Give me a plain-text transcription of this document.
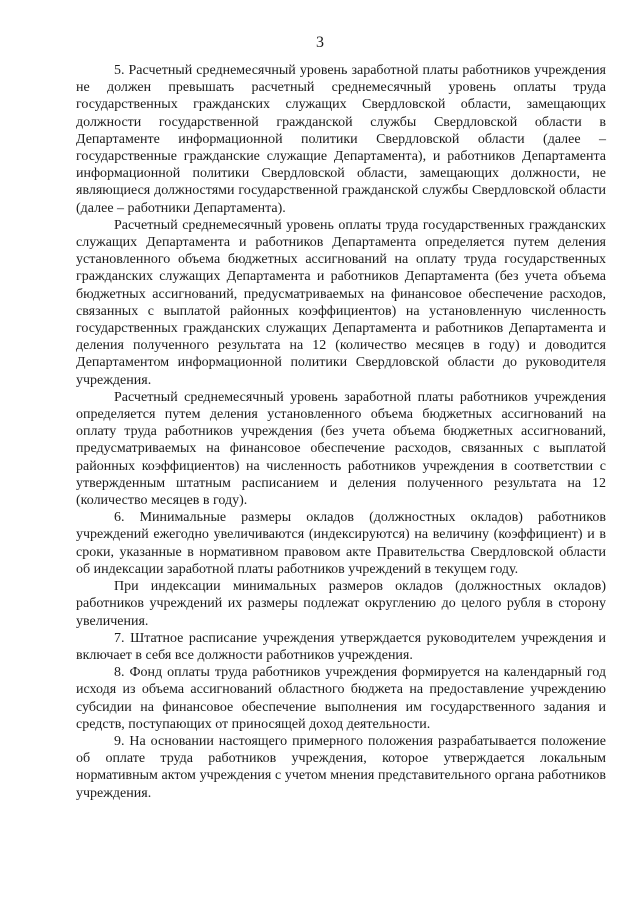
3

5. Расчетный среднемесячный уровень заработной платы работников учреждения не должен превышать расчетный среднемесячный уровень оплаты труда государственных гражданских служащих Свердловской области, замещающих должности государственной гражданской службы Свердловской области в Департаменте информационной политики Свердловской области (далее – государственные гражданские служащие Департамента), и работников Департамента информационной политики Свердловской области, замещающих должности, не являющиеся должностями государственной гражданской службы Свердловской области (далее – работники Департамента).

Расчетный среднемесячный уровень оплаты труда государственных гражданских служащих Департамента и работников Департамента определяется путем деления установленного объема бюджетных ассигнований на оплату труда государственных гражданских служащих Департамента и работников Департамента (без учета объема бюджетных ассигнований, предусматриваемых на финансовое обеспечение расходов, связанных с выплатой районных коэффициентов) на установленную численность государственных гражданских служащих Департамента и работников Департамента и деления полученного результата на 12 (количество месяцев в году) и доводится Департаментом информационной политики Свердловской области до руководителя учреждения.

Расчетный среднемесячный уровень заработной платы работников учреждения определяется путем деления установленного объема бюджетных ассигнований на оплату труда работников учреждения (без учета объема бюджетных ассигнований, предусматриваемых на финансовое обеспечение расходов, связанных с выплатой районных коэффициентов) на численность работников учреждения в соответствии с утвержденным штатным расписанием и деления полученного результата на 12 (количество месяцев в году).

6. Минимальные размеры окладов (должностных окладов) работников учреждений ежегодно увеличиваются (индексируются) на величину (коэффициент) и в сроки, указанные в нормативном правовом акте Правительства Свердловской области об индексации заработной платы работников учреждений в текущем году.

При индексации минимальных размеров окладов (должностных окладов) работников учреждений их размеры подлежат округлению до целого рубля в сторону увеличения.

7. Штатное расписание учреждения утверждается руководителем учреждения и включает в себя все должности работников учреждения.

8. Фонд оплаты труда работников учреждения формируется на календарный год исходя из объема ассигнований областного бюджета на предоставление учреждению субсидии на финансовое обеспечение выполнения им государственного задания и средств, поступающих от приносящей доход деятельности.

9. На основании настоящего примерного положения разрабатывается положение об оплате труда работников учреждения, которое утверждается локальным нормативным актом учреждения с учетом мнения представительного органа работников учреждения.
